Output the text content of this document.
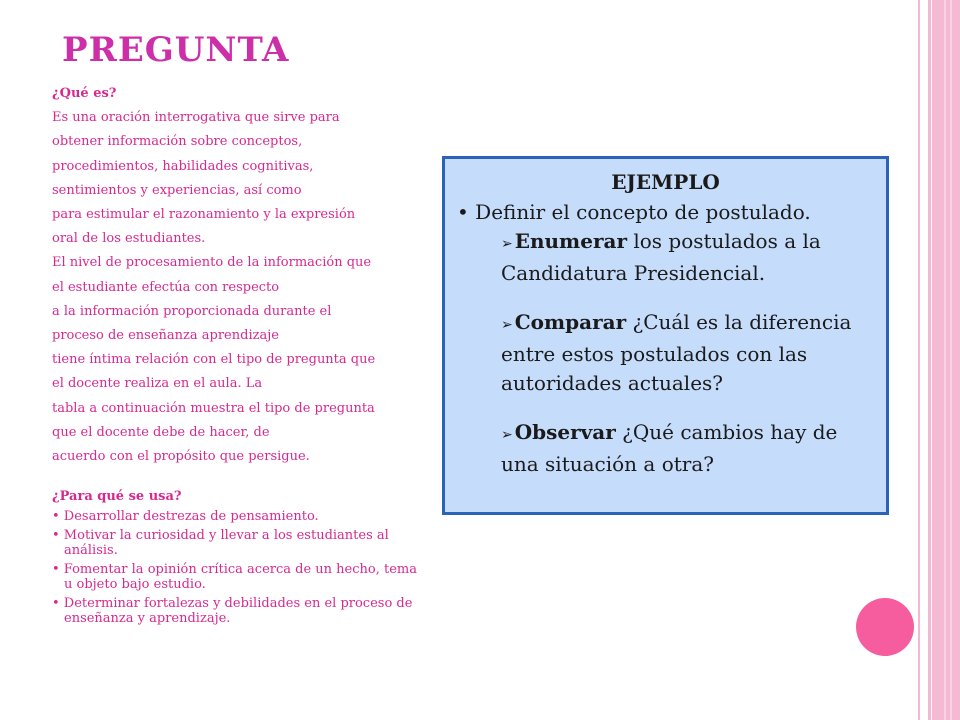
PREGUNTA
¿Qué es?
Es una oración interrogativa que sirve para
obtener información sobre conceptos,
procedimientos, habilidades cognitivas,
sentimientos y experiencias, así como
para estimular el razonamiento y la expresión
oral de los estudiantes.
El nivel de procesamiento de la información que
el estudiante efectúa con respecto
a la información proporcionada durante el
proceso de enseñanza aprendizaje
tiene íntima relación con el tipo de pregunta que
el docente realiza en el aula. La
tabla a continuación muestra el tipo de pregunta
que el docente debe de hacer, de
acuerdo con el propósito que persigue.
¿Para qué se usa?
• Desarrollar destrezas de pensamiento.
• Motivar la curiosidad y llevar a los estudiantes al análisis.
• Fomentar la opinión crítica acerca de un hecho, tema u objeto bajo estudio.
• Determinar fortalezas y debilidades en el proceso de enseñanza y aprendizaje.
EJEMPLO
• Definir el concepto de postulado.
➢ Enumerar los postulados a la Candidatura Presidencial.
➢ Comparar ¿Cuál es la diferencia entre estos postulados con las autoridades actuales?
➢ Observar ¿Qué cambios hay de una situación a otra?
